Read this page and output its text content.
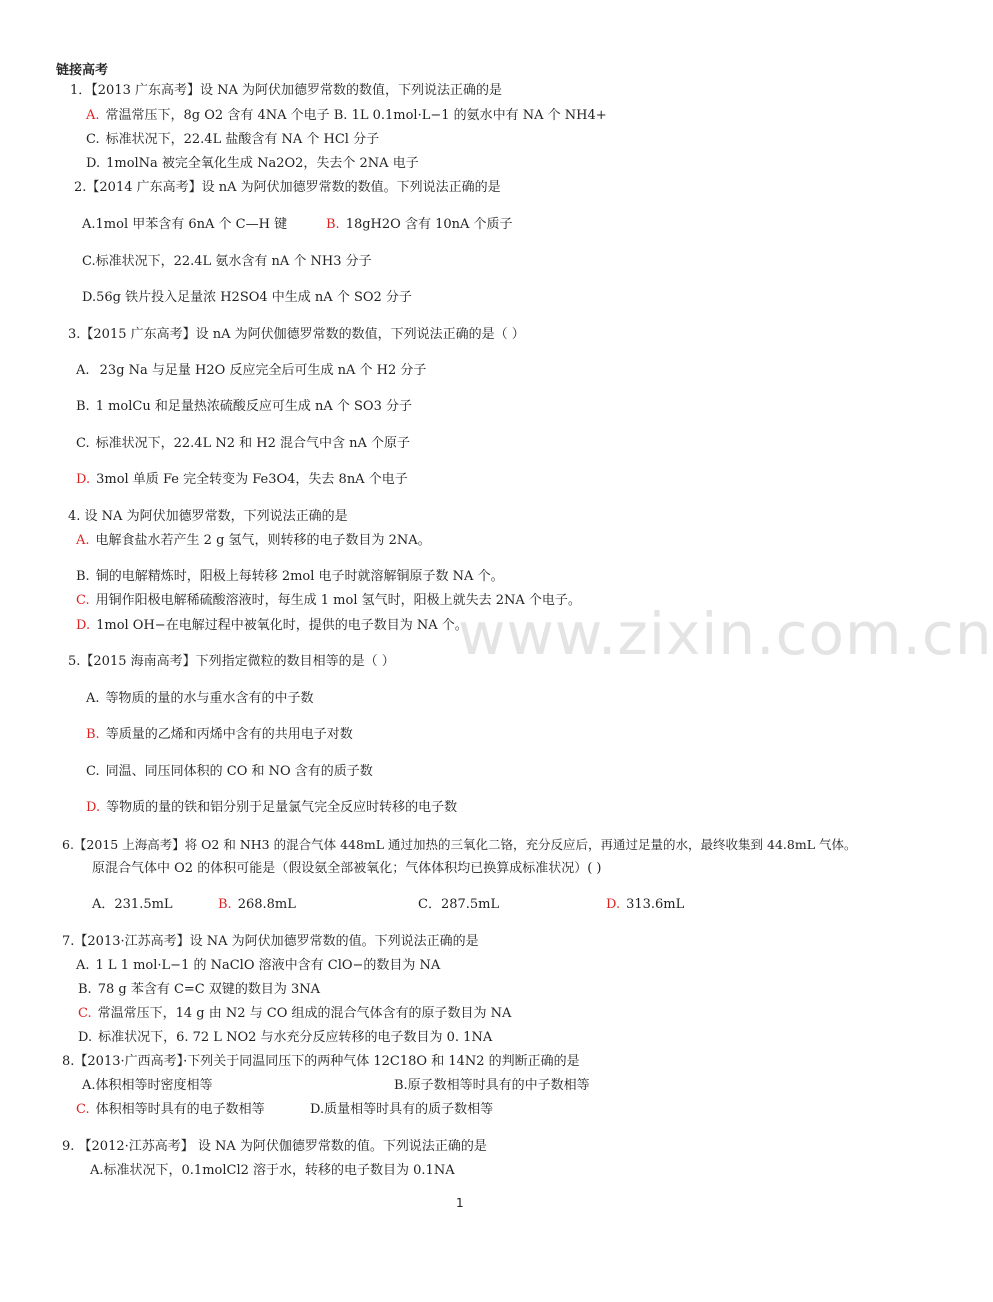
www.zixin.com.cn
链接高考
1．【2013 广东高考】设 NA 为阿伏加德罗常数的数值，下列说法正确的是
A. 常温常压下，8g O2 含有 4NA 个电子 B. 1L 0.1mol·L−1 的氨水中有 NA 个 NH4+
C. 标准状况下，22.4L 盐酸含有 NA 个 HCl 分子
D. 1molNa 被完全氧化生成 Na2O2，失去个 2NA 电子
2.【2014 广东高考】设 nA 为阿伏加德罗常数的数值。下列说法正确的是
A.1mol 甲苯含有 6nA 个 C—H 键	B. 18gH2O 含有 10nA 个质子
C.标准状况下，22.4L 氨水含有 nA 个 NH3 分子
D.56g 铁片投入足量浓 H2SO4 中生成 nA 个 SO2 分子
3.【2015 广东高考】设 nA 为阿伏伽德罗常数的数值，下列说法正确的是（ ）
A. 23g Na 与足量 H2O 反应完全后可生成 nA 个 H2 分子
B. 1 molCu 和足量热浓硫酸反应可生成 nA 个 SO3 分子
C. 标准状况下，22.4L N2 和 H2 混合气中含 nA 个原子
D. 3mol 单质 Fe 完全转变为 Fe3O4，失去 8nA 个电子
4. 设 NA 为阿伏加德罗常数，下列说法正确的是
A. 电解食盐水若产生 2 g 氢气，则转移的电子数目为 2NA。
B. 铜的电解精炼时，阳极上每转移 2mol 电子时就溶解铜原子数 NA 个。
C. 用铜作阳极电解稀硫酸溶液时，每生成 1 mol 氢气时，阳极上就失去 2NA 个电子。
D. 1mol OH−在电解过程中被氧化时，提供的电子数目为 NA 个。
5.【2015 海南高考】下列指定微粒的数目相等的是（ ）
A. 等物质的量的水与重水含有的中子数
B. 等质量的乙烯和丙烯中含有的共用电子对数
C. 同温、同压同体积的 CO 和 NO 含有的质子数
D. 等物质的量的铁和铝分别于足量氯气完全反应时转移的电子数
6.【2015 上海高考】将 O2 和 NH3 的混合气体 448mL 通过加热的三氧化二铬，充分反应后，再通过足量的水，最终收集到 44.8mL 气体。
原混合气体中 O2 的体积可能是（假设氨全部被氧化；气体体积均已换算成标准状况）( )
A．231.5mL	B. 268.8mL	C．287.5mL	D. 313.6mL
7.【2013·江苏高考】设 NA 为阿伏加德罗常数的值。下列说法正确的是
A. 1 L 1 mol·L−1 的 NaClO 溶液中含有 ClO−的数目为 NA
B. 78 g 苯含有 C=C 双键的数目为 3NA
C. 常温常压下，14 g 由 N2 与 CO 组成的混合气体含有的原子数目为 NA
D. 标准状况下，6. 72 L NO2 与水充分反应转移的电子数目为 0. 1NA
8.【2013·广西高考】·下列关于同温同压下的两种气体 12C18O 和 14N2 的判断正确的是
A.体积相等时密度相等	B.原子数相等时具有的中子数相等
C. 体积相等时具有的电子数相等	D.质量相等时具有的质子数相等
9. 【2012·江苏高考】 设 NA 为阿伏伽德罗常数的值。下列说法正确的是
A.标准状况下，0.1molCl2 溶于水，转移的电子数目为 0.1NA
1
